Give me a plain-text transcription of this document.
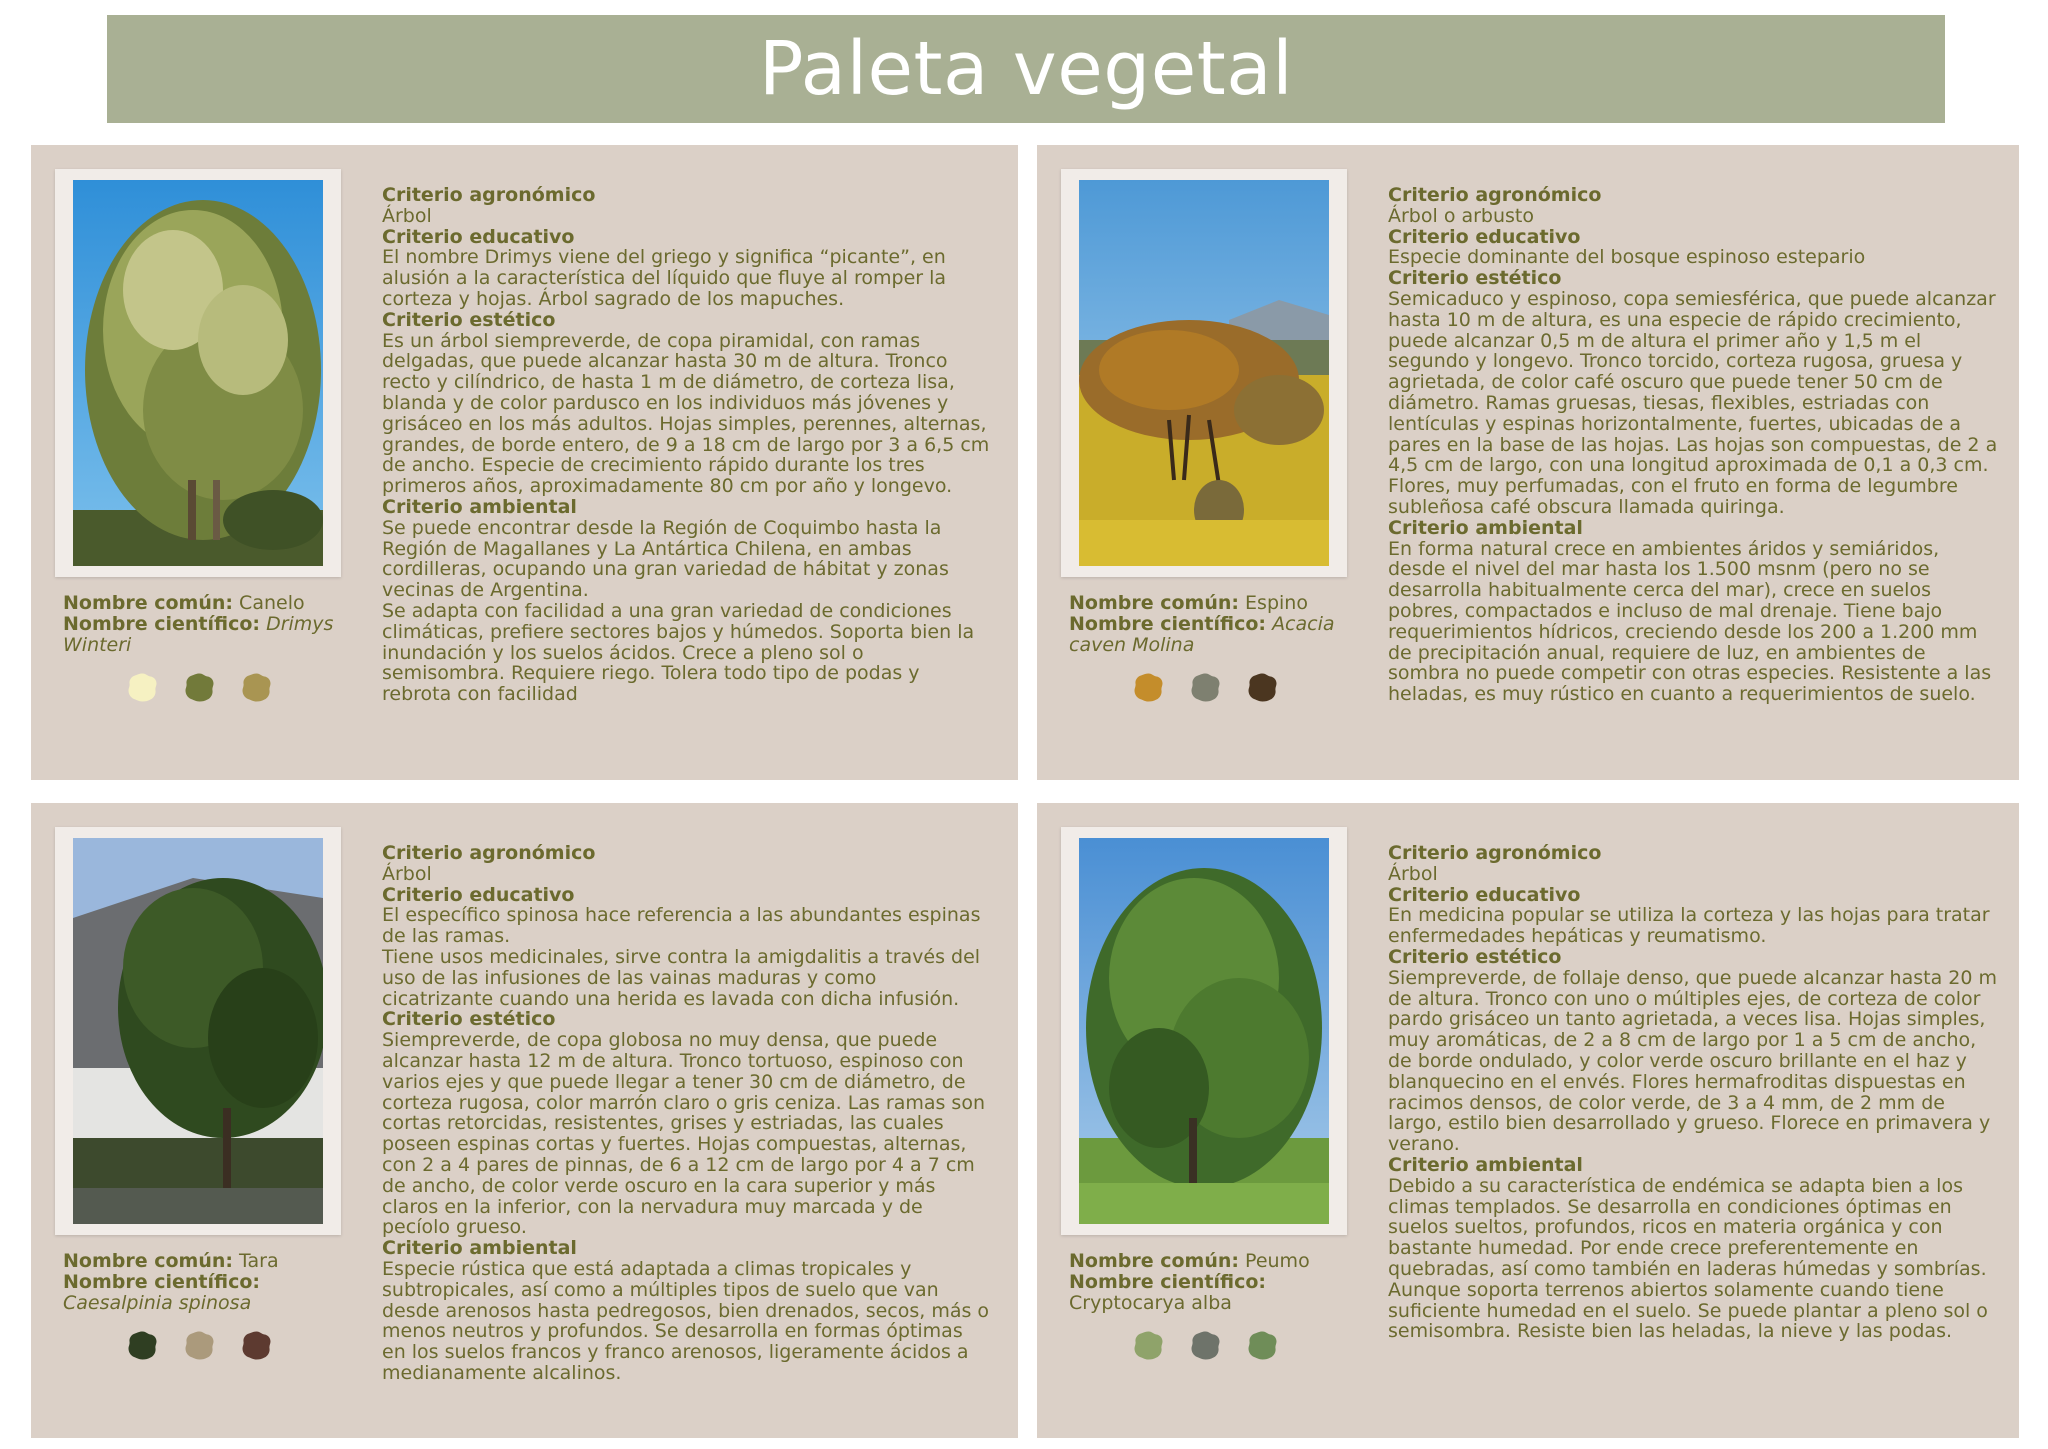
Paleta vegetal
Nombre común: Canelo
Nombre científico: Drimys Winteri
Criterio agronómico
Árbol
Criterio educativo
El nombre Drimys viene del griego y significa “picante”, en alusión a la característica del líquido que fluye al romper la corteza y hojas. Árbol sagrado de los mapuches.
Criterio estético
Es un árbol siempreverde, de copa piramidal, con ramas delgadas, que puede alcanzar hasta 30 m de altura. Tronco recto y cilíndrico, de hasta 1 m de diámetro, de corteza lisa, blanda y de color pardusco en los individuos más jóvenes y grisáceo en los más adultos. Hojas simples, perennes, alternas, grandes, de borde entero, de 9 a 18 cm de largo por 3 a 6,5 cm de ancho. Especie de crecimiento rápido durante los tres primeros años, aproximadamente 80 cm por año y longevo.
Criterio ambiental
Se puede encontrar desde la Región de Coquimbo hasta la Región de Magallanes y La Antártica Chilena, en ambas cordilleras, ocupando una gran variedad de hábitat y zonas vecinas de Argentina.
Se adapta con facilidad a una gran variedad de condiciones climáticas, prefiere sectores bajos y húmedos. Soporta bien la inundación y los suelos ácidos. Crece a pleno sol o semisombra. Requiere riego. Tolera todo tipo de podas y rebrota con facilidad
Nombre común: Espino
Nombre científico: Acacia caven Molina
Criterio agronómico
Árbol o arbusto
Criterio educativo
Especie dominante del bosque espinoso estepario
Criterio estético
Semicaduco y espinoso, copa semiesférica, que puede alcanzar hasta 10 m de altura, es una especie de rápido crecimiento, puede alcanzar 0,5 m de altura el primer año y 1,5 m el segundo y longevo. Tronco torcido, corteza rugosa, gruesa y agrietada, de color café oscuro que puede tener 50 cm de diámetro. Ramas gruesas, tiesas, flexibles, estriadas con lentículas y espinas horizontalmente, fuertes, ubicadas de a pares en la base de las hojas. Las hojas son compuestas, de 2 a 4,5 cm de largo, con una longitud aproximada de 0,1 a 0,3 cm. Flores, muy perfumadas, con el fruto en forma de legumbre subleñosa café obscura llamada quiringa.
Criterio ambiental
En forma natural crece en ambientes áridos y semiáridos, desde el nivel del mar hasta los 1.500 msnm (pero no se desarrolla habitualmente cerca del mar), crece en suelos pobres, compactados e incluso de mal drenaje. Tiene bajo requerimientos hídricos, creciendo desde los 200 a 1.200 mm de precipitación anual, requiere de luz, en ambientes de sombra no puede competir con otras especies. Resistente a las heladas, es muy rústico en cuanto a requerimientos de suelo.
Nombre común: Tara
Nombre científico:
Caesalpinia spinosa
Criterio agronómico
Árbol
Criterio educativo
El específico spinosa hace referencia a las abundantes espinas de las ramas.
Tiene usos medicinales, sirve contra la amigdalitis a través del uso de las infusiones de las vainas maduras y como cicatrizante cuando una herida es lavada con dicha infusión.
Criterio estético
Siempreverde, de copa globosa no muy densa, que puede alcanzar hasta 12 m de altura. Tronco tortuoso, espinoso con varios ejes y que puede llegar a tener 30 cm de diámetro, de corteza rugosa, color marrón claro o gris ceniza. Las ramas son cortas retorcidas, resistentes, grises y estriadas, las cuales poseen espinas cortas y fuertes. Hojas compuestas, alternas, con 2 a 4 pares de pinnas, de 6 a 12 cm de largo por 4 a 7 cm de ancho, de color verde oscuro en la cara superior y más claros en la inferior, con la nervadura muy marcada y de pecíolo grueso.
Criterio ambiental
Especie rústica que está adaptada a climas tropicales y subtropicales, así como a múltiples tipos de suelo que van desde arenosos hasta pedregosos, bien drenados, secos, más o menos neutros y profundos. Se desarrolla en formas óptimas en los suelos francos y franco arenosos, ligeramente ácidos a medianamente alcalinos.
Nombre común: Peumo
Nombre científico:
Cryptocarya alba
Criterio agronómico
Árbol
Criterio educativo
En medicina popular se utiliza la corteza y las hojas para tratar enfermedades hepáticas y reumatismo.
Criterio estético
Siempreverde, de follaje denso, que puede alcanzar hasta 20 m de altura. Tronco con uno o múltiples ejes, de corteza de color pardo grisáceo un tanto agrietada, a veces lisa. Hojas simples, muy aromáticas, de 2 a 8 cm de largo por 1 a 5 cm de ancho, de borde ondulado, y color verde oscuro brillante en el haz y blanquecino en el envés. Flores hermafroditas dispuestas en racimos densos, de color verde, de 3 a 4 mm, de 2 mm de largo, estilo bien desarrollado y grueso. Florece en primavera y verano.
Criterio ambiental
Debido a su característica de endémica se adapta bien a los climas templados. Se desarrolla en condiciones óptimas en suelos sueltos, profundos, ricos en materia orgánica y con bastante humedad. Por ende crece preferentemente en quebradas, así como también en laderas húmedas y sombrías. Aunque soporta terrenos abiertos solamente cuando tiene suficiente humedad en el suelo. Se puede plantar a pleno sol o semisombra. Resiste bien las heladas, la nieve y las podas.
